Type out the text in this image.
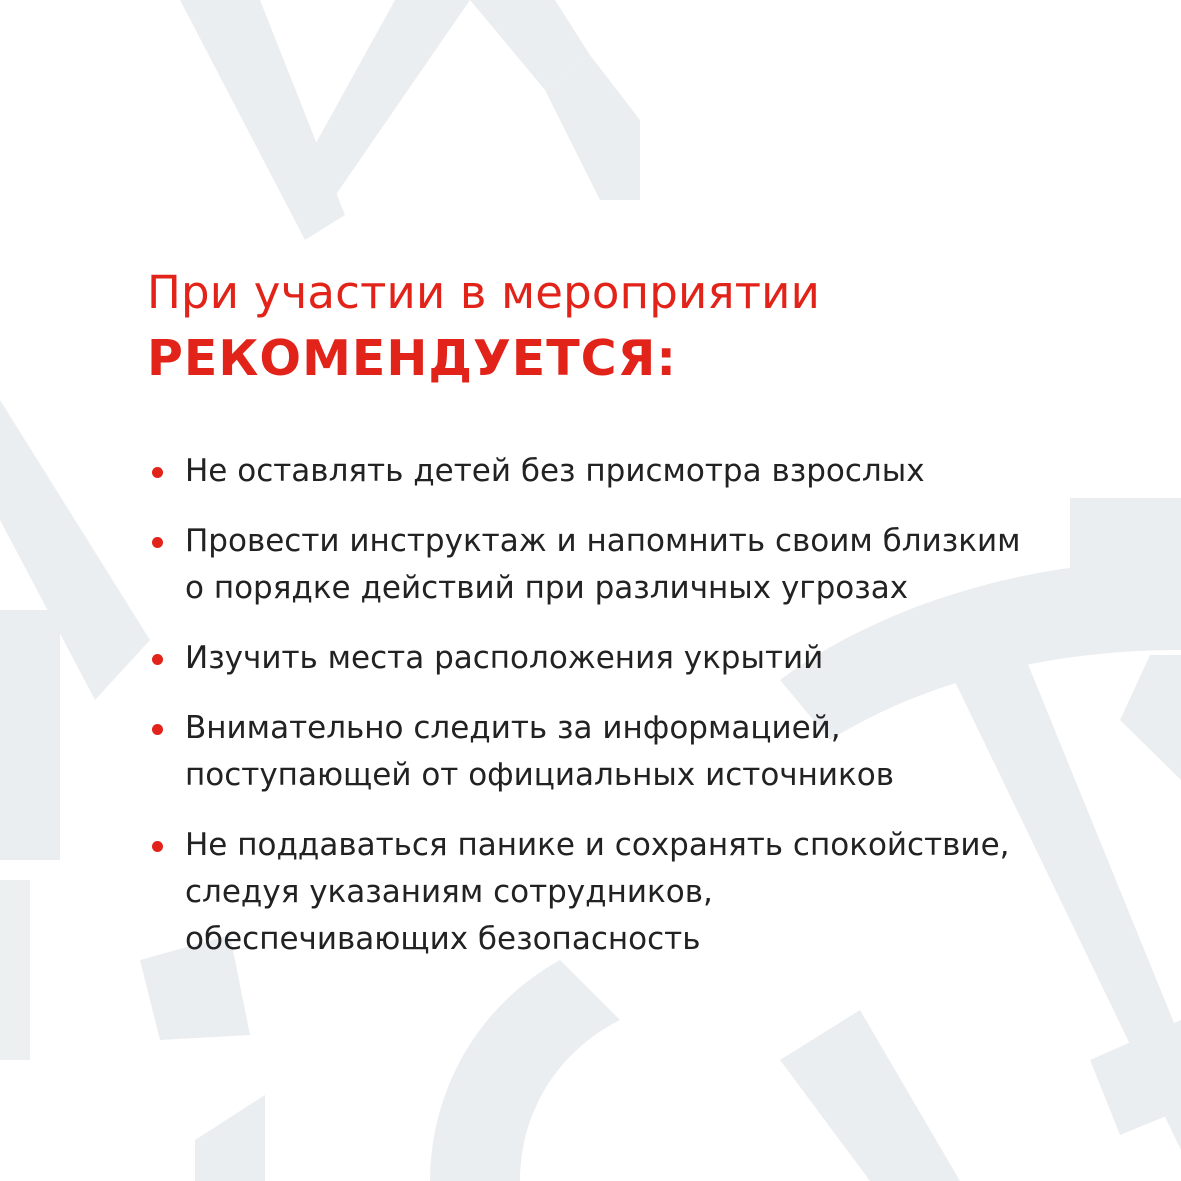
При участии в мероприятии
РЕКОМЕНДУЕТСЯ:
Не оставлять детей без присмотра взрослых
Провести инструктаж и напомнить своим близким
о порядке действий при различных угрозах
Изучить места расположения укрытий
Внимательно следить за информацией,
поступающей от официальных источников
Не поддаваться панике и сохранять спокойствие,
следуя указаниям сотрудников,
обеспечивающих безопасность
